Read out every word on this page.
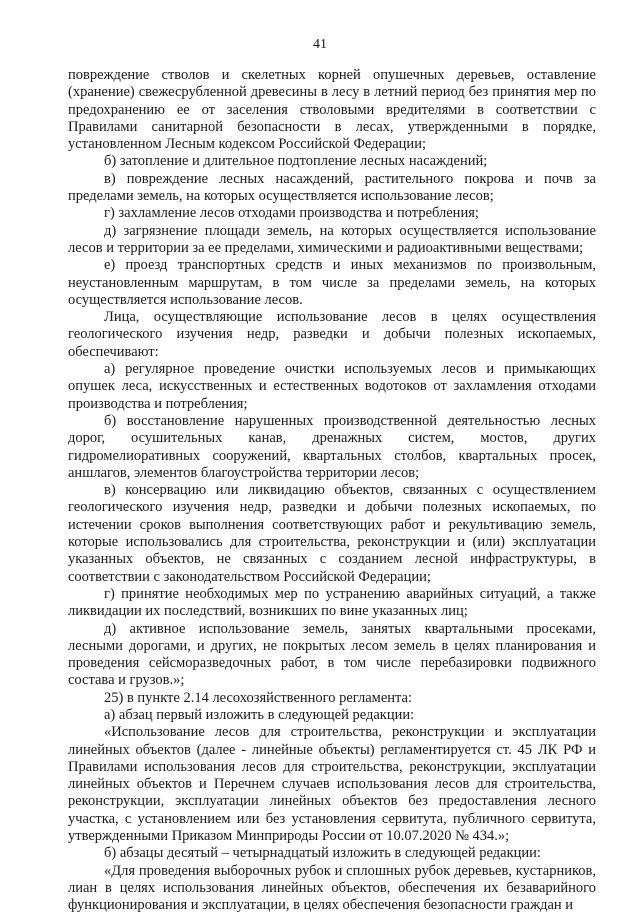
41

повреждение стволов и скелетных корней опушечных деревьев, оставление (хранение) свежесрубленной древесины в лесу в летний период без принятия мер по предохранению ее от заселения стволовыми вредителями в соответствии с Правилами санитарной безопасности в лесах, утвержденными в порядке, установленном Лесным кодексом Российской Федерации;

б) затопление и длительное подтопление лесных насаждений;

в) повреждение лесных насаждений, растительного покрова и почв за пределами земель, на которых осуществляется использование лесов;

г) захламление лесов отходами производства и потребления;

д) загрязнение площади земель, на которых осуществляется использование лесов и территории за ее пределами, химическими и радиоактивными веществами;

е) проезд транспортных средств и иных механизмов по произвольным, неустановленным маршрутам, в том числе за пределами земель, на которых осуществляется использование лесов.

Лица, осуществляющие использование лесов в целях осуществления геологического изучения недр, разведки и добычи полезных ископаемых, обеспечивают:

а) регулярное проведение очистки используемых лесов и примыкающих опушек леса, искусственных и естественных водотоков от захламления отходами производства и потребления;

б) восстановление нарушенных производственной деятельностью лесных дорог, осушительных канав, дренажных систем, мостов, других гидромелиоративных сооружений, квартальных столбов, квартальных просек, аншлагов, элементов благоустройства территории лесов;

в) консервацию или ликвидацию объектов, связанных с осуществлением геологического изучения недр, разведки и добычи полезных ископаемых, по истечении сроков выполнения соответствующих работ и рекультивацию земель, которые использовались для строительства, реконструкции и (или) эксплуатации указанных объектов, не связанных с созданием лесной инфраструктуры, в соответствии с законодательством Российской Федерации;

г) принятие необходимых мер по устранению аварийных ситуаций, а также ликвидации их последствий, возникших по вине указанных лиц;

д) активное использование земель, занятых квартальными просеками, лесными дорогами, и других, не покрытых лесом земель в целях планирования и проведения сейсморазведочных работ, в том числе перебазировки подвижного состава и грузов.»;

25) в пункте 2.14 лесохозяйственного регламента:

а) абзац первый изложить в следующей редакции:

«Использование лесов для строительства, реконструкции и эксплуатации линейных объектов (далее - линейные объекты) регламентируется ст. 45 ЛК РФ и Правилами использования лесов для строительства, реконструкции, эксплуатации линейных объектов и Перечнем случаев использования лесов для строительства, реконструкции, эксплуатации линейных объектов без предоставления лесного участка, с установлением или без установления сервитута, публичного сервитута, утвержденными Приказом Минприроды России от 10.07.2020 № 434.»;

б) абзацы десятый – четырнадцатый изложить в следующей редакции:

«Для проведения выборочных рубок и сплошных рубок деревьев, кустарников, лиан в целях использования линейных объектов, обеспечения их безаварийного функционирования и эксплуатации, в целях обеспечения безопасности граждан и
